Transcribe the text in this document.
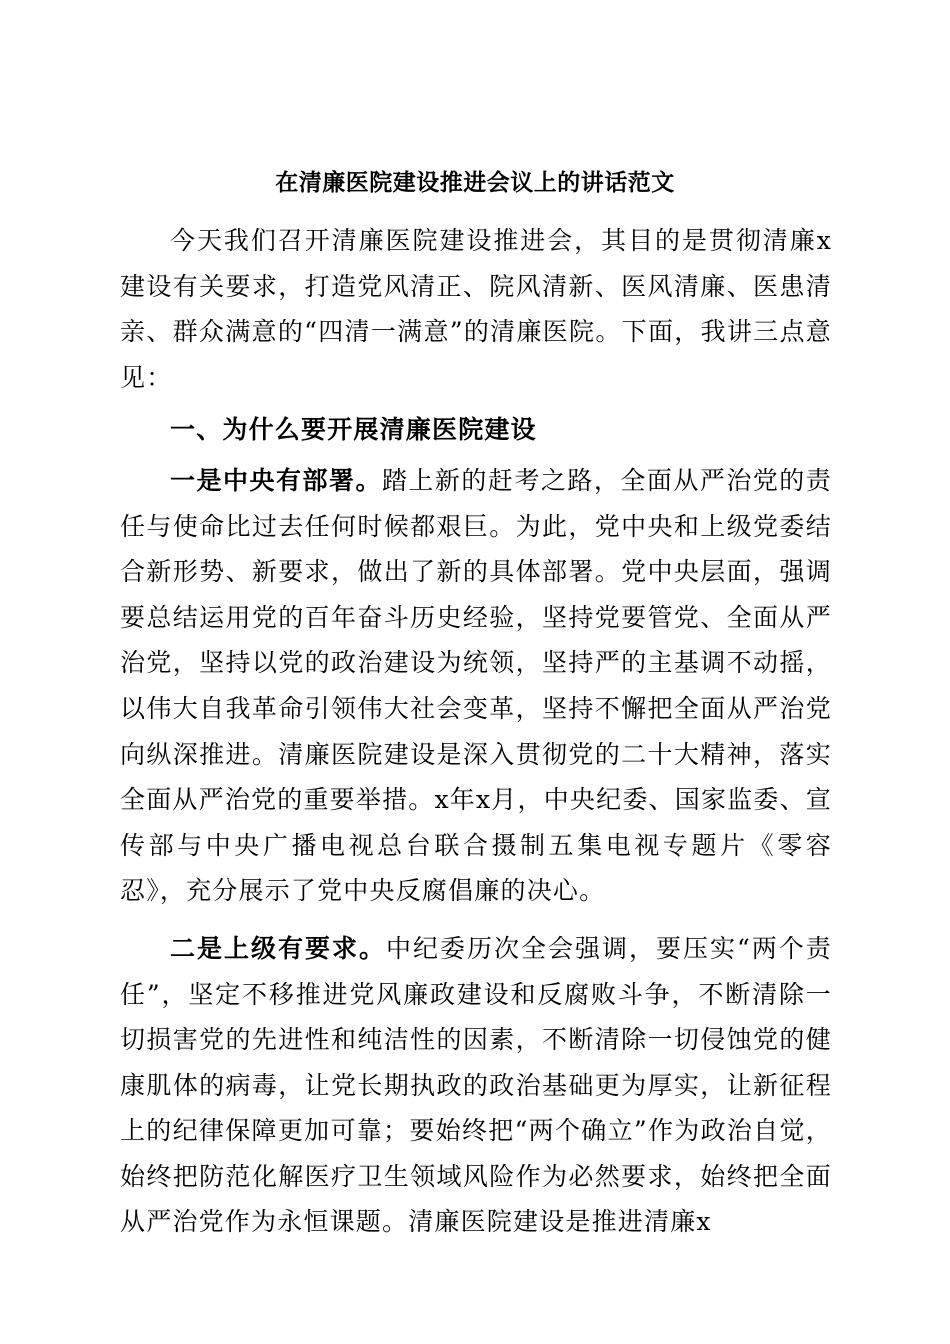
在清廉医院建设推进会议上的讲话范文

今天我们召开清廉医院建设推进会，其目的是贯彻清廉x建设有关要求，打造党风清正、院风清新、医风清廉、医患清亲、群众满意的“四清一满意”的清廉医院。下面，我讲三点意见：

一、为什么要开展清廉医院建设

一是中央有部署。踏上新的赶考之路，全面从严治党的责任与使命比过去任何时候都艰巨。为此，党中央和上级党委结合新形势、新要求，做出了新的具体部署。党中央层面，强调要总结运用党的百年奋斗历史经验，坚持党要管党、全面从严治党，坚持以党的政治建设为统领，坚持严的主基调不动摇，以伟大自我革命引领伟大社会变革，坚持不懈把全面从严治党向纵深推进。清廉医院建设是深入贯彻党的二十大精神，落实全面从严治党的重要举措。x年x月，中央纪委、国家监委、宣传部与中央广播电视总台联合摄制五集电视专题片《零容忍》，充分展示了党中央反腐倡廉的决心。

二是上级有要求。中纪委历次全会强调，要压实“两个责任”，坚定不移推进党风廉政建设和反腐败斗争，不断清除一切损害党的先进性和纯洁性的因素，不断清除一切侵蚀党的健康肌体的病毒，让党长期执政的政治基础更为厚实，让新征程上的纪律保障更加可靠；要始终把“两个确立”作为政治自觉，始终把防范化解医疗卫生领域风险作为必然要求，始终把全面从严治党作为永恒课题。清廉医院建设是推进清廉x
